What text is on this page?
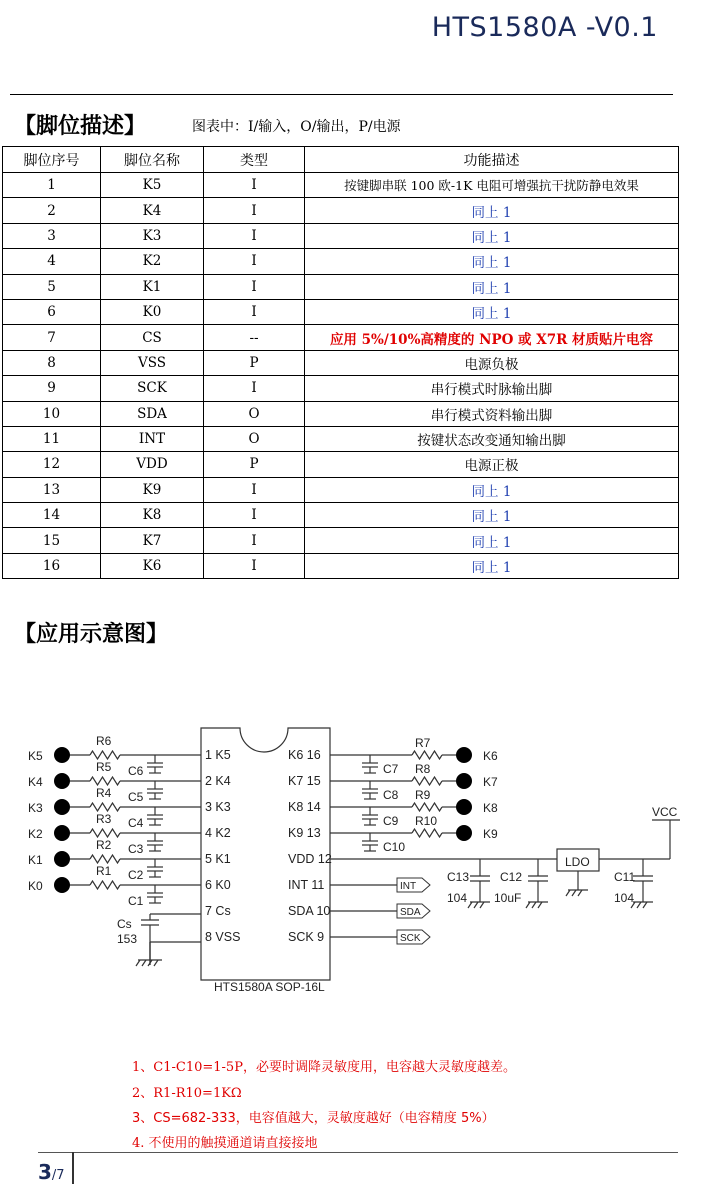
HTS1580A -V0.1
【脚位描述】	图表中：I/输入，O/输出，P/电源
脚位序号	脚位名称	类型	功能描述
1	K5	I	按键脚串联 100 欧-1K 电阻可增强抗干扰防静电效果
2	K4	I	同上 1
3	K3	I	同上 1
4	K2	I	同上 1
5	K1	I	同上 1
6	K0	I	同上 1
7	CS	--	应用 5%/10%高精度的 NPO 或 X7R 材质贴片电容
8	VSS	P	电源负极
9	SCK	I	串行模式时脉输出脚
10	SDA	O	串行模式资料输出脚
11	INT	O	按键状态改变通知输出脚
12	VDD	P	电源正极
13	K9	I	同上 1
14	K8	I	同上 1
15	K7	I	同上 1
16	K6	I	同上 1
【应用示意图】
K5
R6
C6
K4
R5
C5
K3
R4
C4
K2
R3
C3
K1
R2
C2
K0
R1
C1
1 K5
2 K4
3 K3
4 K2
5 K1
6 K0
7 Cs
8 VSS
K6 16
K7 15
K8 14
K9 13
VDD 12
INT 11
SDA 10
SCK 9
K6
R7
C7
K7
R8
C8
K8
R9
C9
K9
R10
C10
INT
SDA
SCK
HTS1580A SOP-16L
Cs
153
C13
104
C12
10uF
LDO
C11
104
VCC
1、C1-C10=1-5P，必要时调降灵敏度用，电容越大灵敏度越差。
2、R1-R10=1KΩ
3、CS=682-333，电容值越大，灵敏度越好（电容精度 5%）
4. 不使用的触摸通道请直接接地
3/7
